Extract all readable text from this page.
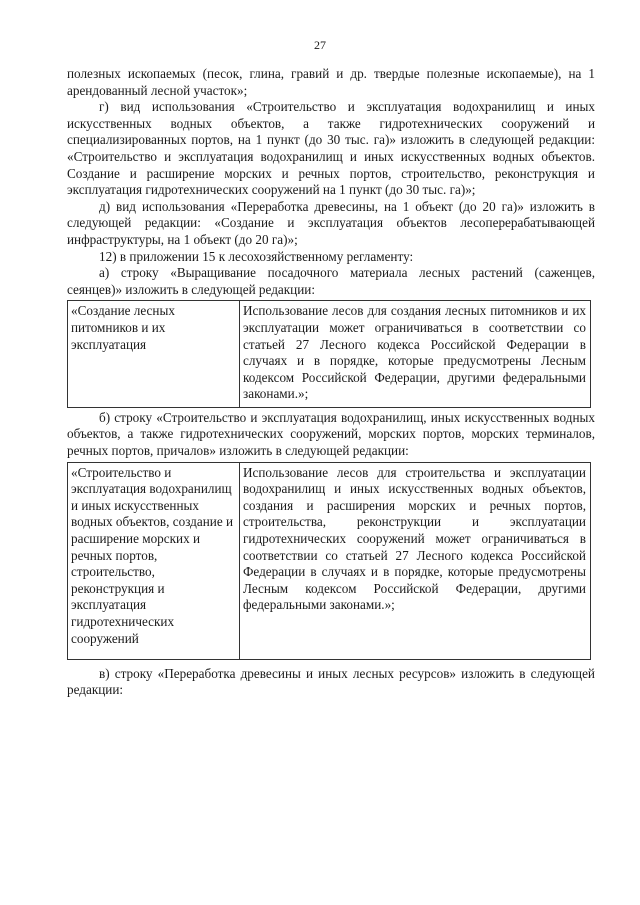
27

полезных ископаемых (песок, глина, гравий и др. твердые полезные ископаемые), на 1 арендованный лесной участок»;

г) вид использования «Строительство и эксплуатация водохранилищ и иных искусственных водных объектов, а также гидротехнических сооружений и специализированных портов, на 1 пункт (до 30 тыс. га)» изложить в следующей редакции: «Строительство и эксплуатация водохранилищ и иных искусственных водных объектов. Создание и расширение морских и речных портов, строительство, реконструкция и эксплуатация гидротехнических сооружений на 1 пункт (до 30 тыс. га)»;

д) вид использования «Переработка древесины, на 1 объект (до 20 га)» изложить в следующей редакции: «Создание и эксплуатация объектов лесоперерабатывающей инфраструктуры, на 1 объект (до 20 га)»;

12) в приложении 15 к лесохозяйственному регламенту:

а) строку «Выращивание посадочного материала лесных растений (саженцев, сеянцев)» изложить в следующей редакции:

«Создание лесных питомников и их эксплуатация	Использование лесов для создания лесных питомников и их эксплуатации может ограничиваться в соответствии со статьей 27 Лесного кодекса Российской Федерации в случаях и в порядке, которые предусмотрены Лесным кодексом Российской Федерации, другими федеральными законами.»;

б) строку «Строительство и эксплуатация водохранилищ, иных искусственных водных объектов, а также гидротехнических сооружений, морских портов, морских терминалов, речных портов, причалов» изложить в следующей редакции:

«Строительство и эксплуатация водохранилищ и иных искусственных водных объектов, создание и расширение морских и речных портов, строительство, реконструкция и эксплуатация гидротехнических сооружений	Использование лесов для строительства и эксплуатации водохранилищ и иных искусственных водных объектов, создания и расширения морских и речных портов, строительства, реконструкции и эксплуатации гидротехнических сооружений может ограничиваться в соответствии со статьей 27 Лесного кодекса Российской Федерации в случаях и в порядке, которые предусмотрены Лесным кодексом Российской Федерации, другими федеральными законами.»;

в) строку «Переработка древесины и иных лесных ресурсов» изложить в следующей редакции:
